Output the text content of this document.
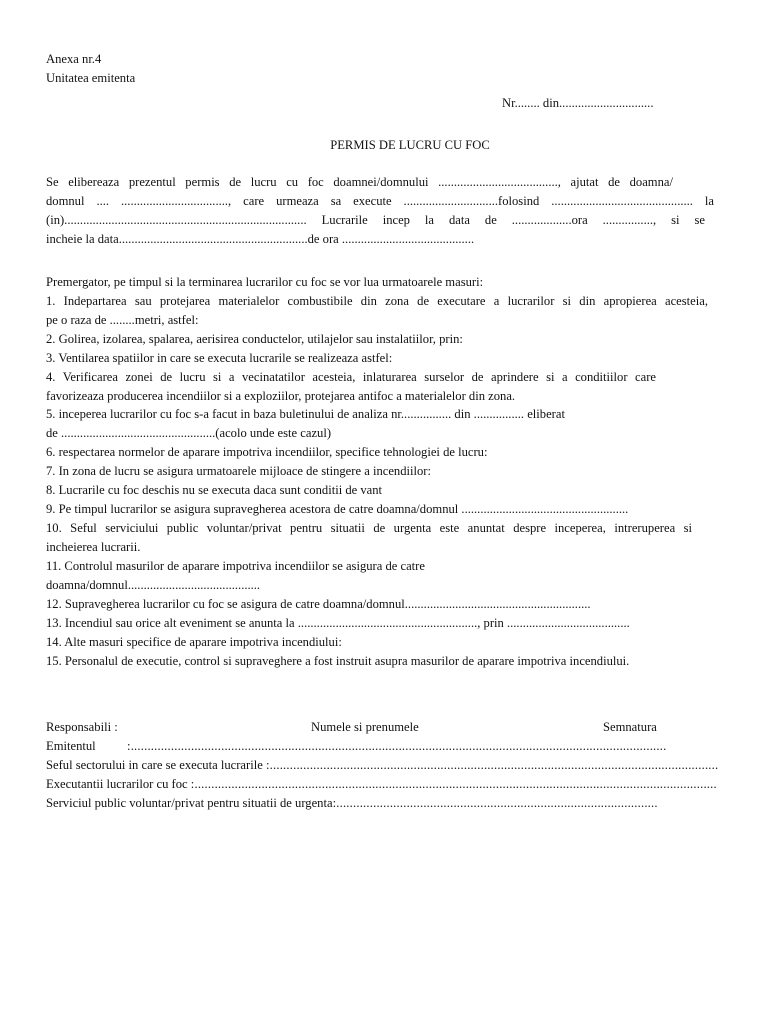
Anexa nr.4
Unitatea emitenta
Nr........ din..............................
PERMIS DE LUCRU CU FOC
Se elibereaza prezentul permis de lucru cu foc doamnei/domnului ......................................, ajutat de doamna/
domnul .... .................................., care urmeaza sa execute ..............................folosind ............................................. la
(in)............................................................................. Lucrarile incep la data de ...................ora ................, si se
incheie la data............................................................de ora ..........................................
Premergator, pe timpul si la terminarea lucrarilor cu foc se vor lua urmatoarele masuri:
1. Indepartarea sau protejarea materialelor combustibile din zona de executare a lucrarilor si din apropierea acesteia,
pe o raza de ........metri, astfel:
2. Golirea, izolarea, spalarea, aerisirea conductelor, utilajelor sau instalatiilor, prin:
3. Ventilarea spatiilor in care se executa lucrarile se realizeaza astfel:
4. Verificarea zonei de lucru si a vecinatatilor acesteia, inlaturarea surselor de aprindere si a conditiilor care
favorizeaza producerea incendiilor si a exploziilor, protejarea antifoc a materialelor din zona.
5. inceperea lucrarilor cu foc s-a facut in baza buletinului de analiza nr................ din ................ eliberat
de .................................................(acolo unde este cazul)
6. respectarea normelor de aparare impotriva incendiilor, specifice tehnologiei de lucru:
7. In zona de lucru se asigura urmatoarele mijloace de stingere a incendiilor:
8. Lucrarile cu foc deschis nu se executa daca sunt conditii de vant
9. Pe timpul lucrarilor se asigura supravegherea acestora de catre doamna/domnul .....................................................
10. Seful serviciului public voluntar/privat pentru situatii de urgenta este anuntat despre inceperea, intreruperea si
incheierea lucrarii.
11. Controlul masurilor de aparare impotriva incendiilor se asigura de catre
doamna/domnul..........................................
12. Supravegherea lucrarilor cu foc se asigura de catre doamna/domnul...........................................................
13. Incendiul sau orice alt eveniment se anunta la ........................................................., prin .......................................
14. Alte masuri specifice de aparare impotriva incendiului:
15. Personalul de executie, control si supraveghere a fost instruit asupra masurilor de aparare impotriva incendiului.
Responsabili :	Numele si prenumele	Semnatura
Emitentul :................................................................................................................................................................
Seful sectorului in care se executa lucrarile :......................................................................................................................................
Executantii lucrarilor cu foc :............................................................................................................................................................
Serviciul public voluntar/privat pentru situatii de urgenta:................................................................................................
